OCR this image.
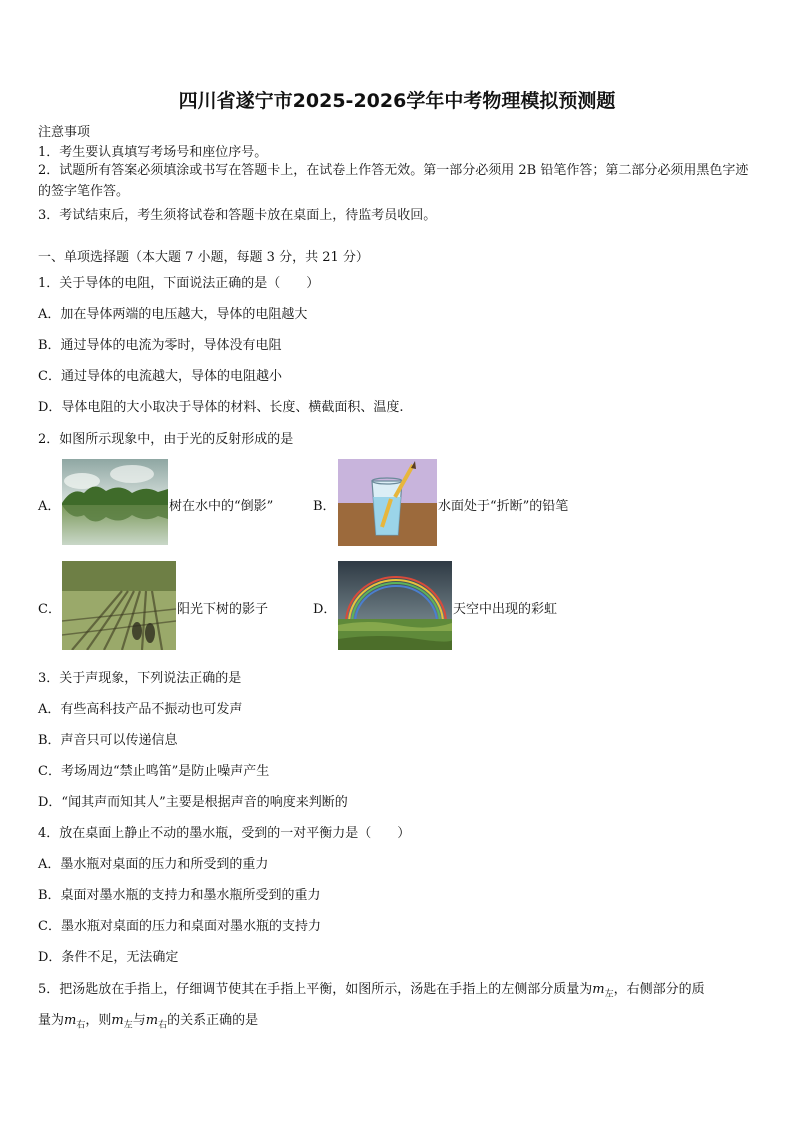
四川省遂宁市2025-2026学年中考物理模拟预测题
注意事项
1．考生要认真填写考场号和座位序号。
2．试题所有答案必须填涂或书写在答题卡上，在试卷上作答无效。第一部分必须用 2B 铅笔作答；第二部分必须用黑色字迹的签字笔作答。
3．考试结束后，考生须将试卷和答题卡放在桌面上，待监考员收回。
一、单项选择题（本大题 7 小题，每题 3 分，共 21 分）
1．关于导体的电阻，下面说法正确的是（　　）
A．加在导体两端的电压越大，导体的电阻越大
B．通过导体的电流为零时，导体没有电阻
C．通过导体的电流越大，导体的电阻越小
D．导体电阻的大小取决于导体的材料、长度、横截面积、温度.
2．如图所示现象中，由于光的反射形成的是
A．	树在水中的“倒影”	B．	水面处于“折断”的铅笔
C．	阳光下树的影子	D．	天空中出现的彩虹
3．关于声现象，下列说法正确的是
A．有些高科技产品不振动也可发声
B．声音只可以传递信息
C．考场周边“禁止鸣笛”是防止噪声产生
D．“闻其声而知其人”主要是根据声音的响度来判断的
4．放在桌面上静止不动的墨水瓶，受到的一对平衡力是（　　）
A．墨水瓶对桌面的压力和所受到的重力
B．桌面对墨水瓶的支持力和墨水瓶所受到的重力
C．墨水瓶对桌面的压力和桌面对墨水瓶的支持力
D．条件不足，无法确定
5．把汤匙放在手指上，仔细调节使其在手指上平衡，如图所示，汤匙在手指上的左侧部分质量为$m_左$，右侧部分的质
量为$m_右$，则$m_左$与$m_右$的关系正确的是
